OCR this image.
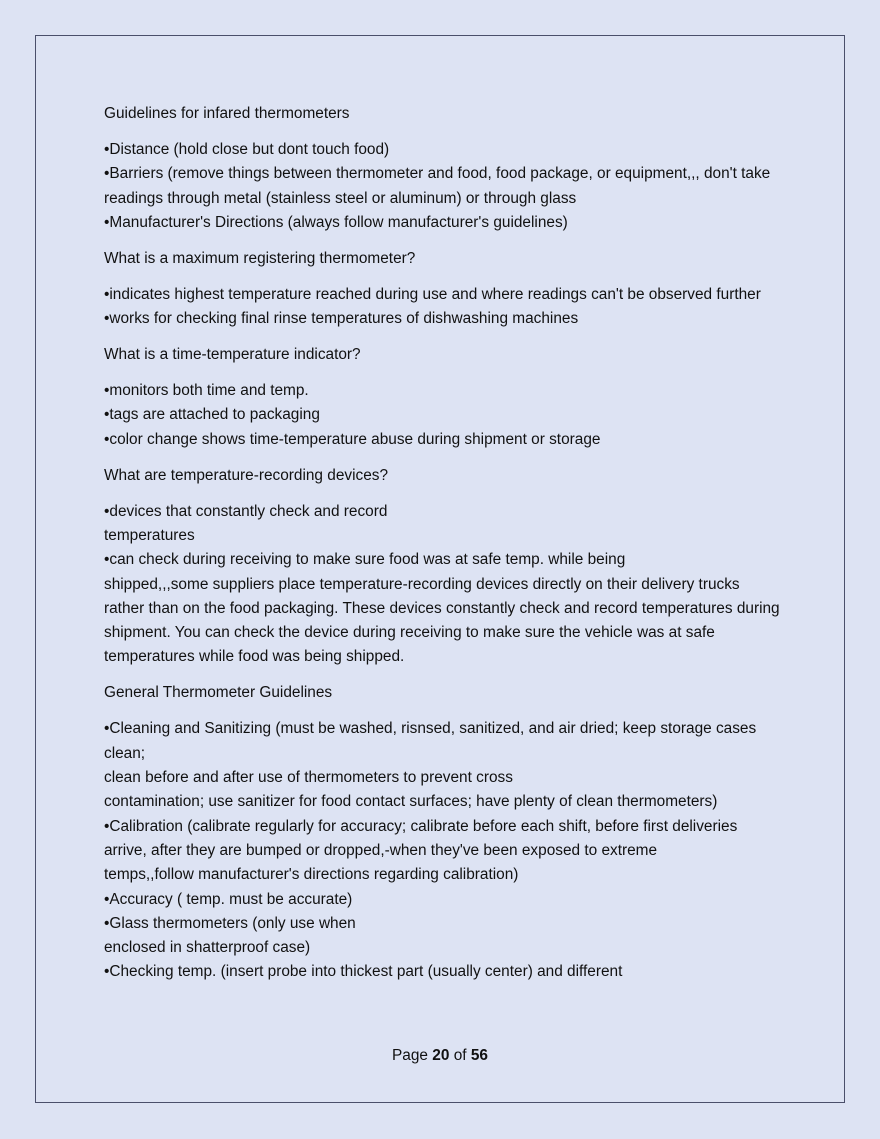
Guidelines for infared thermometers

•Distance (hold close but dont touch food)
•Barriers (remove things between thermometer and food, food package, or equipment,,, don't take readings through metal (stainless steel or aluminum) or through glass
•Manufacturer's Directions (always follow manufacturer's guidelines)

What is a maximum registering thermometer?

•indicates highest temperature reached during use and where readings can't be observed further
•works for checking final rinse temperatures of dishwashing machines

What is a time-temperature indicator?

•monitors both time and temp.
•tags are attached to packaging
•color change shows time-temperature abuse during shipment or storage

What are temperature-recording devices?

•devices that constantly check and record
temperatures
•can check during receiving to make sure food was at safe temp. while being
shipped,,,some suppliers place temperature-recording devices directly on their delivery trucks rather than on the food packaging. These devices constantly check and record temperatures during shipment. You can check the device during receiving to make sure the vehicle was at safe temperatures while food was being shipped.

General Thermometer Guidelines

•Cleaning and Sanitizing (must be washed, risnsed, sanitized, and air dried; keep storage cases clean;
clean before and after use of thermometers to prevent cross
contamination; use sanitizer for food contact surfaces; have plenty of clean thermometers)
•Calibration (calibrate regularly for accuracy; calibrate before each shift, before first deliveries arrive, after they are bumped or dropped,-when they've been exposed to extreme
temps,,follow manufacturer's directions regarding calibration)
•Accuracy ( temp. must be accurate)
•Glass thermometers (only use when
enclosed in shatterproof case)
•Checking temp. (insert probe into thickest part (usually center) and different

Page 20 of 56
